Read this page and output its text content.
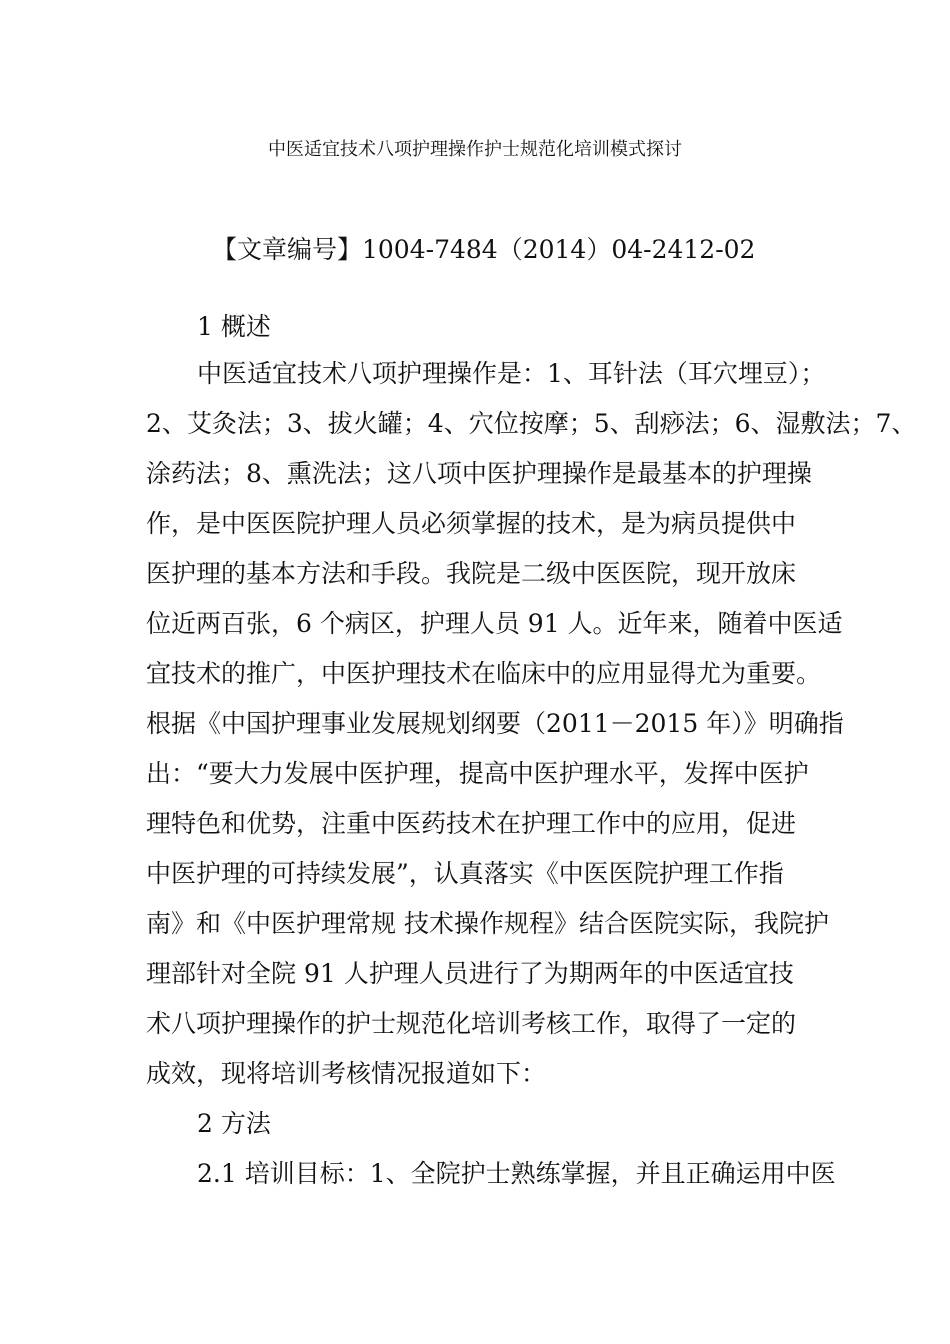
中医适宜技术八项护理操作护士规范化培训模式探讨
【文章编号】1004-7484（2014）04-2412-02
1 概述
中医适宜技术八项护理操作是：1、耳针法（耳穴埋豆）；
2、艾灸法；3、拔火罐；4、穴位按摩；5、刮痧法；6、湿敷法；7、
涂药法；8、熏洗法；这八项中医护理操作是最基本的护理操
作，是中医医院护理人员必须掌握的技术，是为病员提供中
医护理的基本方法和手段。我院是二级中医医院，现开放床
位近两百张，6 个病区，护理人员 91 人。近年来，随着中医适
宜技术的推广，中医护理技术在临床中的应用显得尤为重要。
根据《中国护理事业发展规划纲要（2011－2015 年）》明确指
出：“要大力发展中医护理，提高中医护理水平，发挥中医护
理特色和优势，注重中医药技术在护理工作中的应用，促进
中医护理的可持续发展”，认真落实《中医医院护理工作指
南》和《中医护理常规 技术操作规程》结合医院实际，我院护
理部针对全院 91 人护理人员进行了为期两年的中医适宜技
术八项护理操作的护士规范化培训考核工作，取得了一定的
成效，现将培训考核情况报道如下：
2 方法
2.1 培训目标：1、全院护士熟练掌握，并且正确运用中医
